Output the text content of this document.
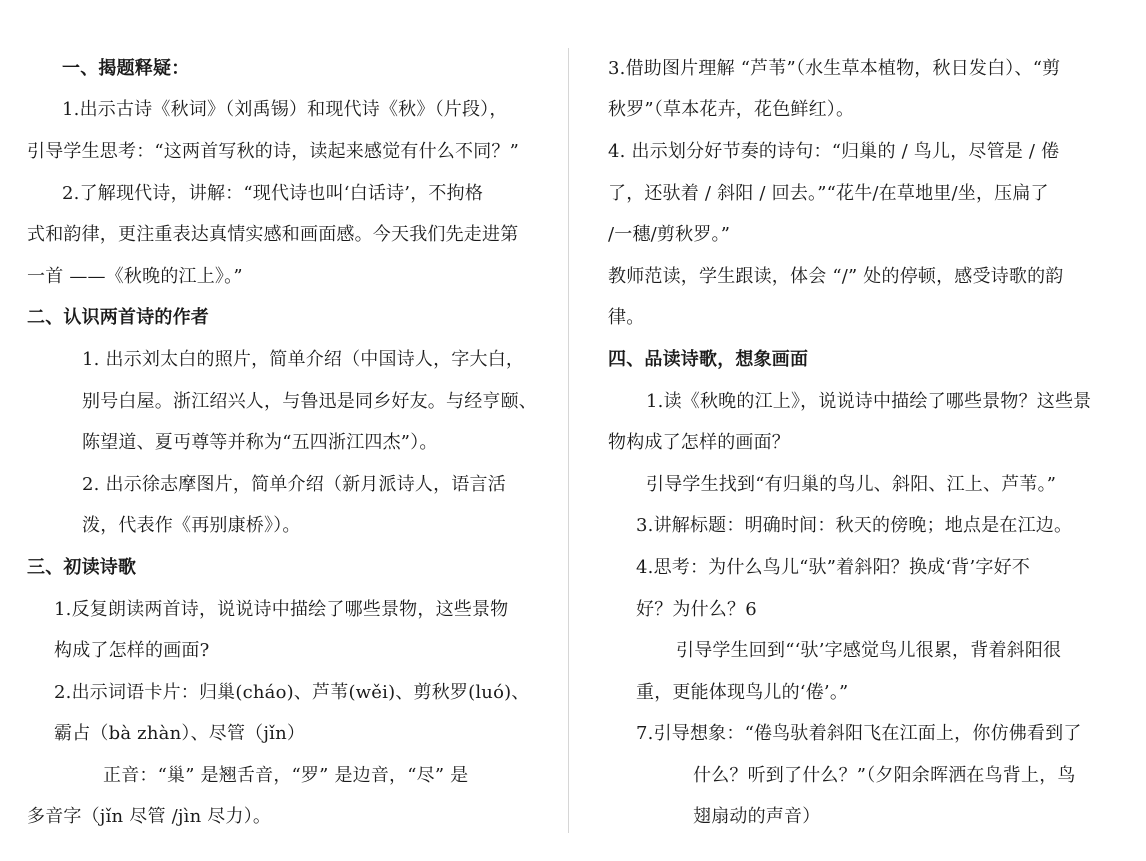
一、揭题释疑：

1.出示古诗《秋词》（刘禹锡）和现代诗《秋》（片段），

引导学生思考：“这两首写秋的诗，读起来感觉有什么不同？”

2.了解现代诗，讲解：“现代诗也叫‘白话诗’，不拘格

式和韵律，更注重表达真情实感和画面感。今天我们先走进第

一首 ——《秋晚的江上》。”

二、认识两首诗的作者

1. 出示刘太白的照片，简单介绍（中国诗人，字大白，

别号白屋。浙江绍兴人，与鲁迅是同乡好友。与经亨颐、

陈望道、夏丏尊等并称为“五四浙江四杰”）。

2. 出示徐志摩图片，简单介绍（新月派诗人，语言活

泼，代表作《再别康桥》）。

三、初读诗歌

1.反复朗读两首诗，说说诗中描绘了哪些景物，这些景物

构成了怎样的画面?

2.出示词语卡片：归巢(cháo)、芦苇(wěi)、剪秋罗(luó)、

霸占（bà zhàn）、尽管（jǐn）

正音：“巢” 是翘舌音，“罗” 是边音，“尽” 是

多音字（jǐn 尽管 /jìn 尽力）。

3.借助图片理解 “芦苇”（水生草本植物，秋日发白）、“剪

秋罗”（草本花卉，花色鲜红）。

4. 出示划分好节奏的诗句：“归巢的 / 鸟儿，尽管是 / 倦

了，还驮着 / 斜阳 / 回去。”“花牛/在草地里/坐，压扁了

/一穗/剪秋罗。”

教师范读，学生跟读，体会 “/” 处的停顿，感受诗歌的韵

律。

四、品读诗歌，想象画面

1.读《秋晚的江上》，说说诗中描绘了哪些景物？这些景

物构成了怎样的画面？

引导学生找到“有归巢的鸟儿、斜阳、江上、芦苇。”

3.讲解标题：明确时间：秋天的傍晚；地点是在江边。

4.思考：为什么鸟儿“驮”着斜阳？换成‘背’字好不

好？为什么？6

引导学生回到“‘驮’字感觉鸟儿很累，背着斜阳很

重，更能体现鸟儿的‘倦’。”

7.引导想象：“倦鸟驮着斜阳飞在江面上，你仿佛看到了

什么？听到了什么？”（夕阳余晖洒在鸟背上，鸟

翅扇动的声音）
